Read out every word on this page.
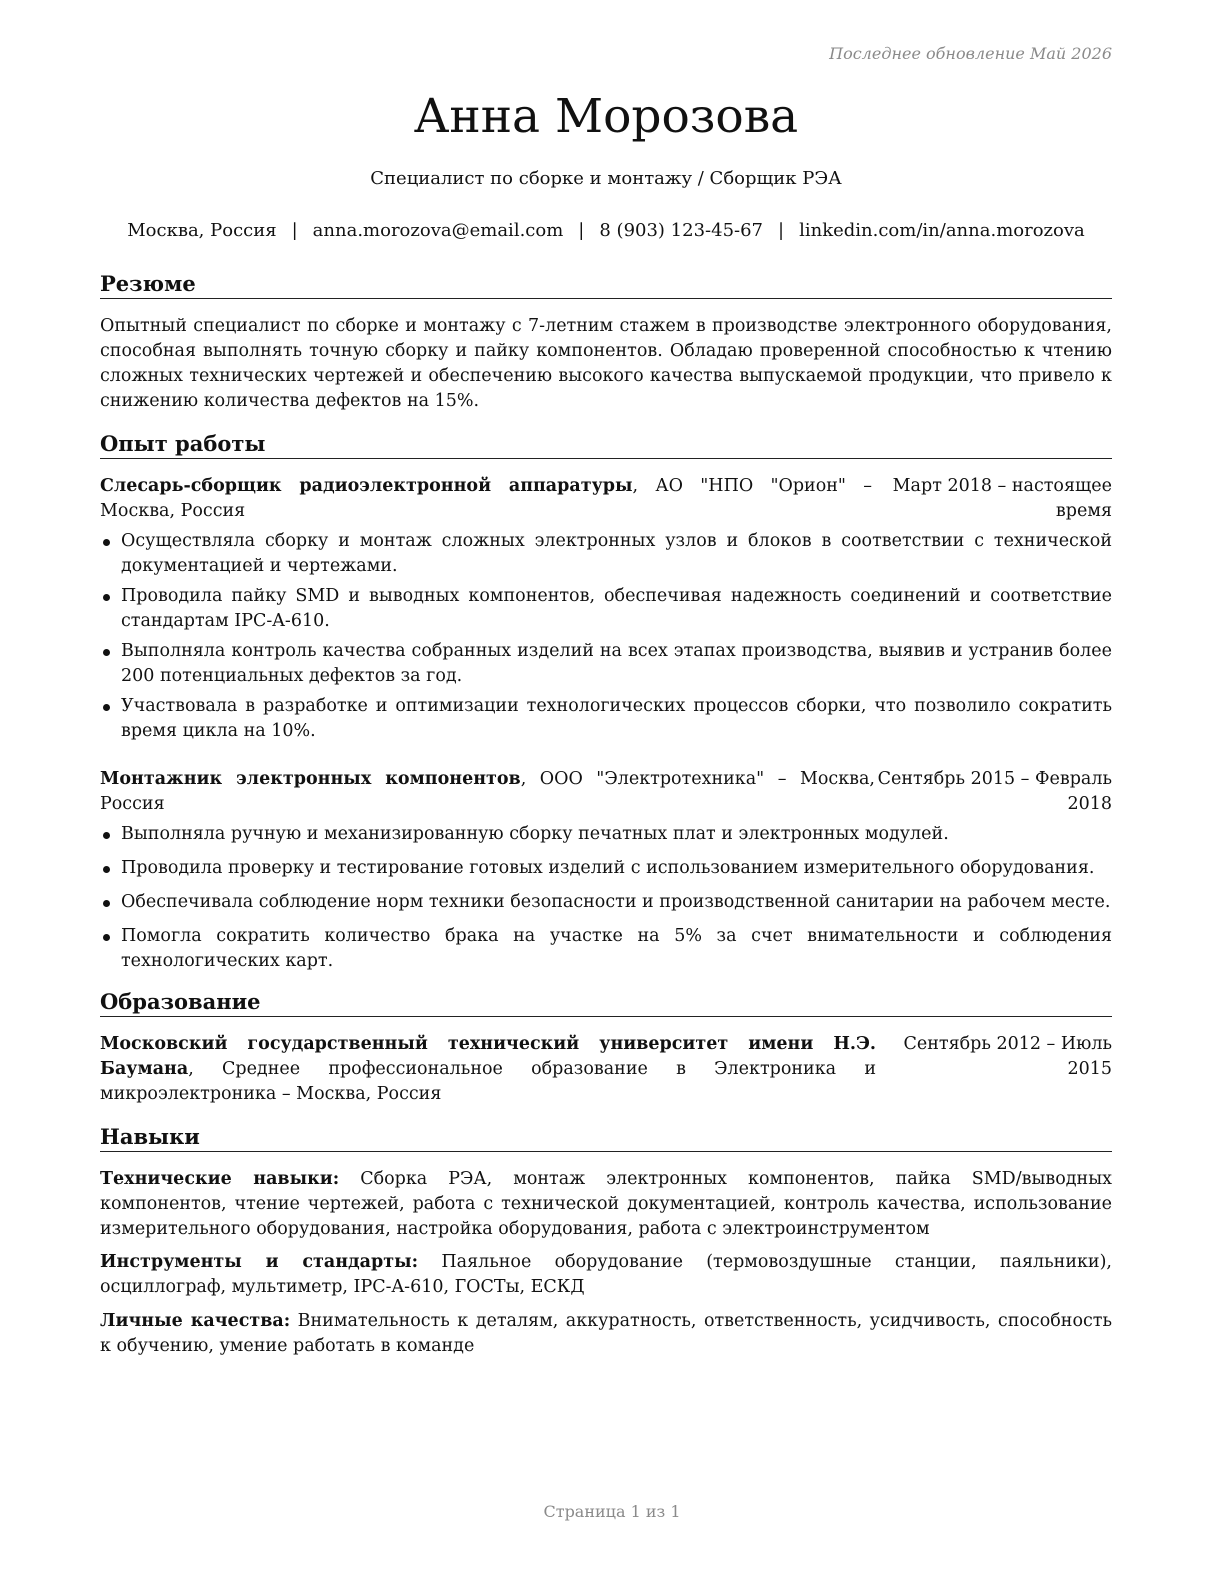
Последнее обновление Май 2026
Анна Морозова
Специалист по сборке и монтажу / Сборщик РЭА
Москва, Россия | anna.morozova@email.com | 8 (903) 123-45-67 | linkedin.com/in/anna.morozova
Резюме
Опытный специалист по сборке и монтажу с 7-летним стажем в производстве электронного оборудования, способная выполнять точную сборку и пайку компонентов. Обладаю проверенной способностью к чтению сложных технических чертежей и обеспечению высокого качества выпускаемой продукции, что привело к снижению количества дефектов на 15%.
Опыт работы
Слесарь-сборщик радиоэлектронной аппаратуры, АО "НПО "Орион" – Москва, Россия
Март 2018 – настоящее время
Осуществляла сборку и монтаж сложных электронных узлов и блоков в соответствии с технической документацией и чертежами.
Проводила пайку SMD и выводных компонентов, обеспечивая надежность соединений и соответствие стандартам IPC-A-610.
Выполняла контроль качества собранных изделий на всех этапах производства, выявив и устранив более 200 потенциальных дефектов за год.
Участвовала в разработке и оптимизации технологических процессов сборки, что позволило сократить время цикла на 10%.
Монтажник электронных компонентов, ООО "Электротехника" – Москва, Россия
Сентябрь 2015 – Февраль 2018
Выполняла ручную и механизированную сборку печатных плат и электронных модулей.
Проводила проверку и тестирование готовых изделий с использованием измерительного оборудования.
Обеспечивала соблюдение норм техники безопасности и производственной санитарии на рабочем месте.
Помогла сократить количество брака на участке на 5% за счет внимательности и соблюдения технологических карт.
Образование
Московский государственный технический университет имени Н.Э. Баумана, Среднее профессиональное образование в Электроника и микроэлектроника – Москва, Россия
Сентябрь 2012 – Июль 2015
Навыки
Технические навыки: Сборка РЭА, монтаж электронных компонентов, пайка SMD/выводных компонентов, чтение чертежей, работа с технической документацией, контроль качества, использование измерительного оборудования, настройка оборудования, работа с электроинструментом
Инструменты и стандарты: Паяльное оборудование (термовоздушные станции, паяльники), осциллограф, мультиметр, IPC-A-610, ГОСТы, ЕСКД
Личные качества: Внимательность к деталям, аккуратность, ответственность, усидчивость, способность к обучению, умение работать в команде
Страница 1 из 1
